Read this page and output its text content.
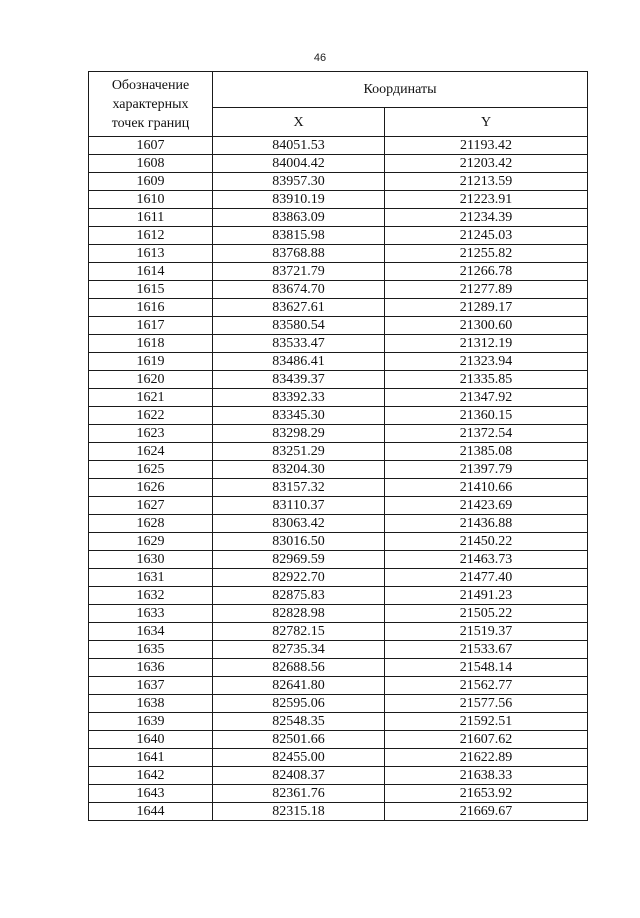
46
Обозначение
характерных
точек границ	Координаты	
	X	Y
1607	84051.53	21193.42
1608	84004.42	21203.42
1609	83957.30	21213.59
1610	83910.19	21223.91
1611	83863.09	21234.39
1612	83815.98	21245.03
1613	83768.88	21255.82
1614	83721.79	21266.78
1615	83674.70	21277.89
1616	83627.61	21289.17
1617	83580.54	21300.60
1618	83533.47	21312.19
1619	83486.41	21323.94
1620	83439.37	21335.85
1621	83392.33	21347.92
1622	83345.30	21360.15
1623	83298.29	21372.54
1624	83251.29	21385.08
1625	83204.30	21397.79
1626	83157.32	21410.66
1627	83110.37	21423.69
1628	83063.42	21436.88
1629	83016.50	21450.22
1630	82969.59	21463.73
1631	82922.70	21477.40
1632	82875.83	21491.23
1633	82828.98	21505.22
1634	82782.15	21519.37
1635	82735.34	21533.67
1636	82688.56	21548.14
1637	82641.80	21562.77
1638	82595.06	21577.56
1639	82548.35	21592.51
1640	82501.66	21607.62
1641	82455.00	21622.89
1642	82408.37	21638.33
1643	82361.76	21653.92
1644	82315.18	21669.67
